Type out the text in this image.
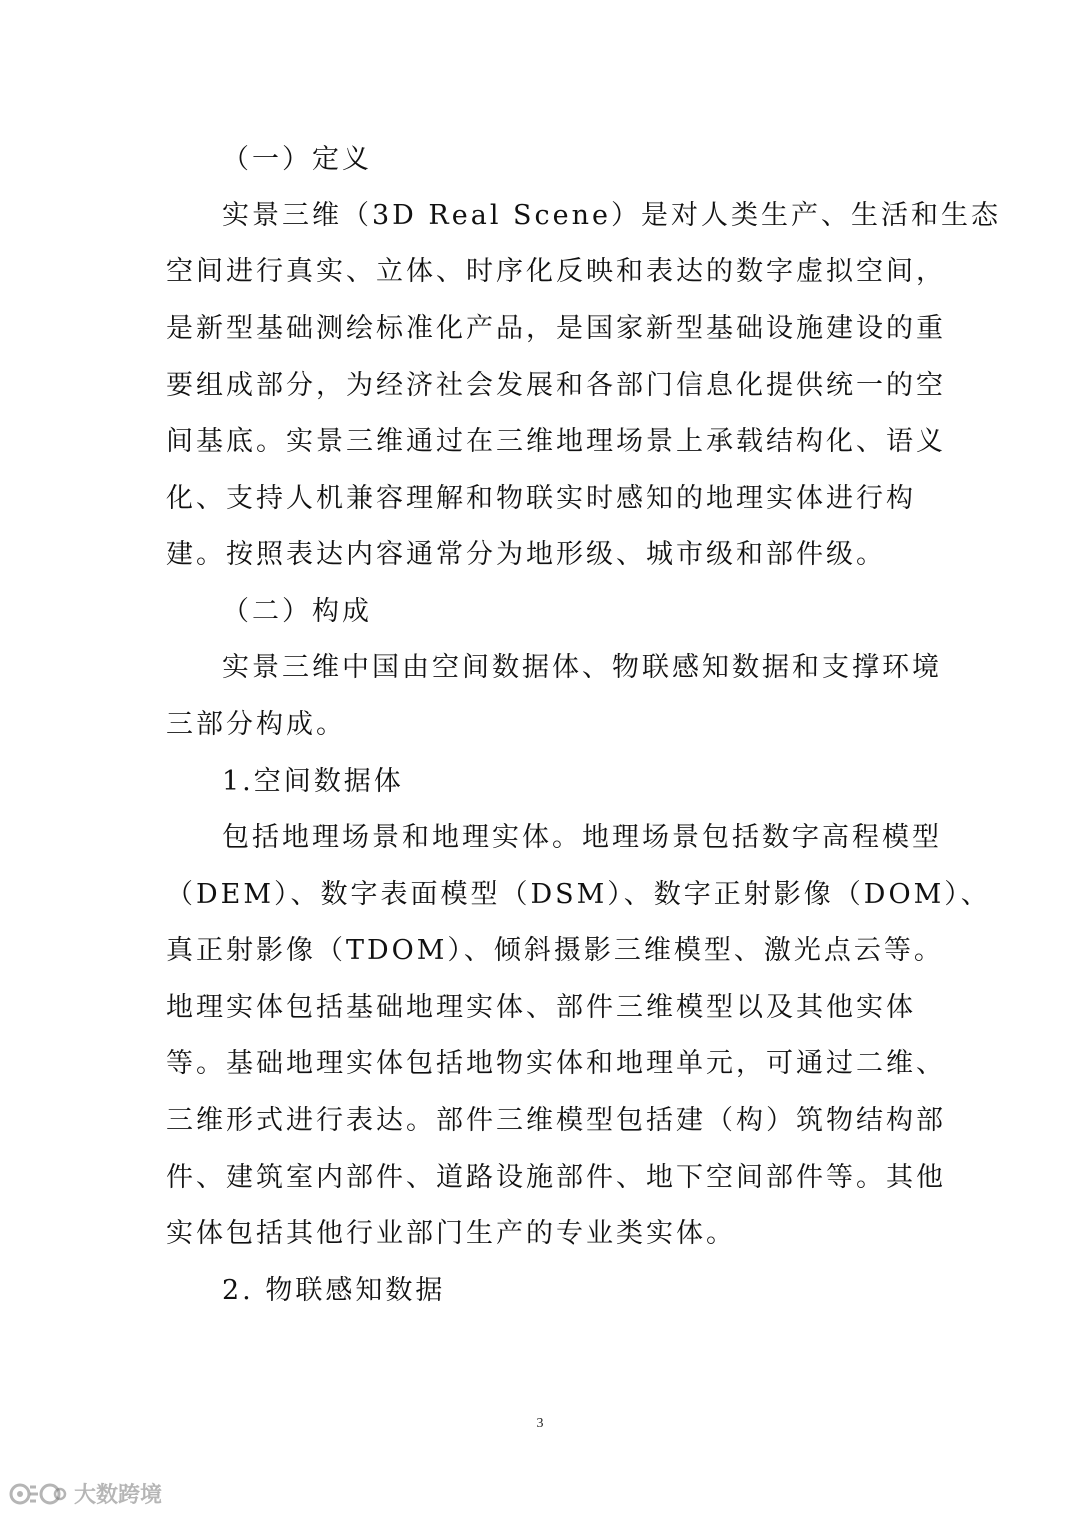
（一）定义

实景三维（3D Real Scene）是对人类生产、生活和生态

空间进行真实、立体、时序化反映和表达的数字虚拟空间，

是新型基础测绘标准化产品，是国家新型基础设施建设的重

要组成部分，为经济社会发展和各部门信息化提供统一的空

间基底。实景三维通过在三维地理场景上承载结构化、语义

化、支持人机兼容理解和物联实时感知的地理实体进行构

建。按照表达内容通常分为地形级、城市级和部件级。

（二）构成

实景三维中国由空间数据体、物联感知数据和支撑环境

三部分构成。

1.空间数据体

包括地理场景和地理实体。地理场景包括数字高程模型

（DEM）、数字表面模型（DSM）、数字正射影像（DOM）、

真正射影像（TDOM）、倾斜摄影三维模型、激光点云等。

地理实体包括基础地理实体、部件三维模型以及其他实体

等。基础地理实体包括地物实体和地理单元，可通过二维、

三维形式进行表达。部件三维模型包括建（构）筑物结构部

件、建筑室内部件、道路设施部件、地下空间部件等。其他

实体包括其他行业部门生产的专业类实体。

2. 物联感知数据

3
大数跨境
